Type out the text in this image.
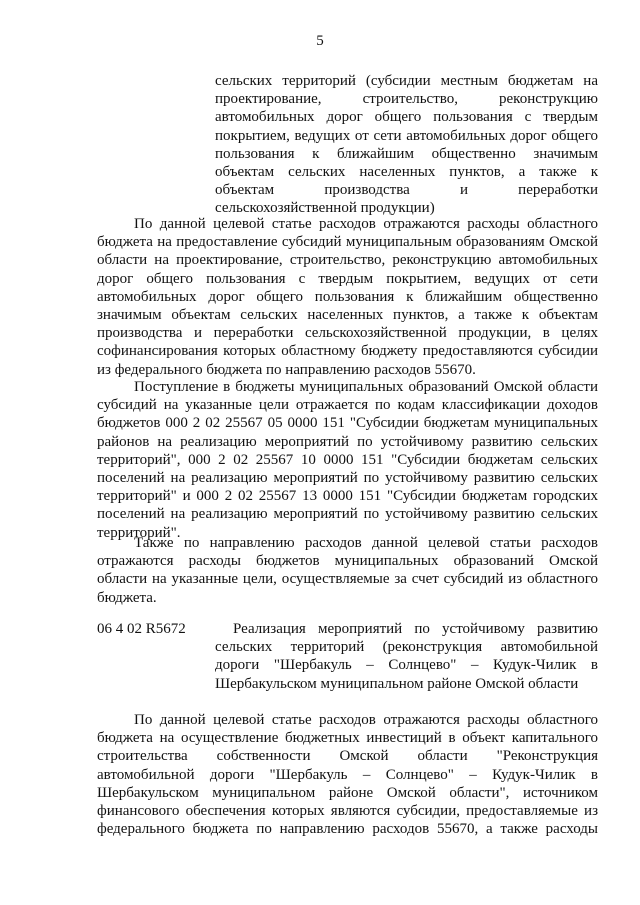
5
сельских территорий (субсидии местным бюджетам на
проектирование, строительство, реконструкцию
автомобильных дорог общего пользования с твердым
покрытием, ведущих от сети автомобильных дорог общего
пользования к ближайшим общественно значимым
объектам сельских населенных пунктов, а также к
объектам производства и переработки
сельскохозяйственной продукции)
По данной целевой статье расходов отражаются расходы областного
бюджета на предоставление субсидий муниципальным образованиям Омской
области на проектирование, строительство, реконструкцию автомобильных
дорог общего пользования с твердым покрытием, ведущих от сети
автомобильных дорог общего пользования к ближайшим общественно
значимым объектам сельских населенных пунктов, а также к объектам
производства и переработки сельскохозяйственной продукции, в целях
софинансирования которых областному бюджету предоставляются субсидии
из федерального бюджета по направлению расходов 55670.
Поступление в бюджеты муниципальных образований Омской области
субсидий на указанные цели отражается по кодам классификации доходов
бюджетов 000 2 02 25567 05 0000 151 "Субсидии бюджетам муниципальных
районов на реализацию мероприятий по устойчивому развитию сельских
территорий", 000 2 02 25567 10 0000 151 "Субсидии бюджетам сельских
поселений на реализацию мероприятий по устойчивому развитию сельских
территорий" и 000 2 02 25567 13 0000 151 "Субсидии бюджетам городских
поселений на реализацию мероприятий по устойчивому развитию сельских
территорий".
Также по направлению расходов данной целевой статьи расходов
отражаются расходы бюджетов муниципальных образований Омской
области на указанные цели, осуществляемые за счет субсидий из областного
бюджета.
06 4 02 R5672	Реализация мероприятий по устойчивому развитию
сельских территорий (реконструкция автомобильной
дороги "Шербакуль – Солнцево" – Кудук-Чилик в
Шербакульском муниципальном районе Омской области
По данной целевой статье расходов отражаются расходы областного
бюджета на осуществление бюджетных инвестиций в объект капитального
строительства собственности Омской области "Реконструкция
автомобильной дороги "Шербакуль – Солнцево" – Кудук-Чилик в
Шербакульском муниципальном районе Омской области", источником
финансового обеспечения которых являются субсидии, предоставляемые из
федерального бюджета по направлению расходов 55670, а также расходы
